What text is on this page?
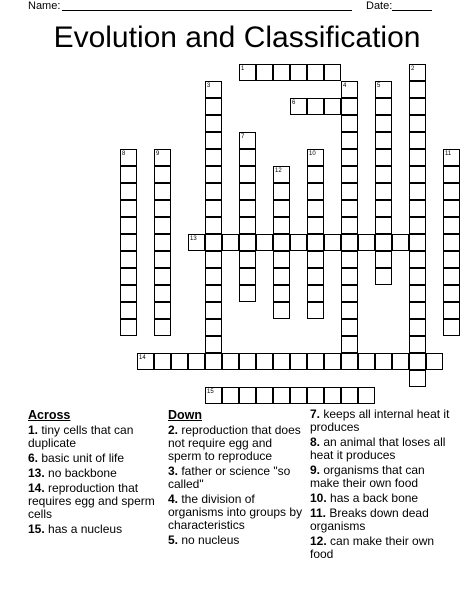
Name:	Date:
Evolution and Classification
1
6
13
14
15
2
3	4	5
7
8	9	10	11
12
Across
1. tiny cells that can duplicate
6. basic unit of life
13. no backbone
14. reproduction that requires egg and sperm cells
15. has a nucleus
Down
2. reproduction that does not require egg and sperm to reproduce
3. father or science "so called"
4. the division of organisms into groups by characteristics
5. no nucleus
7. keeps all internal heat it produces
8. an animal that loses all heat it produces
9. organisms that can make their own food
10. has a back bone
11. Breaks down dead organisms
12. can make their own food
